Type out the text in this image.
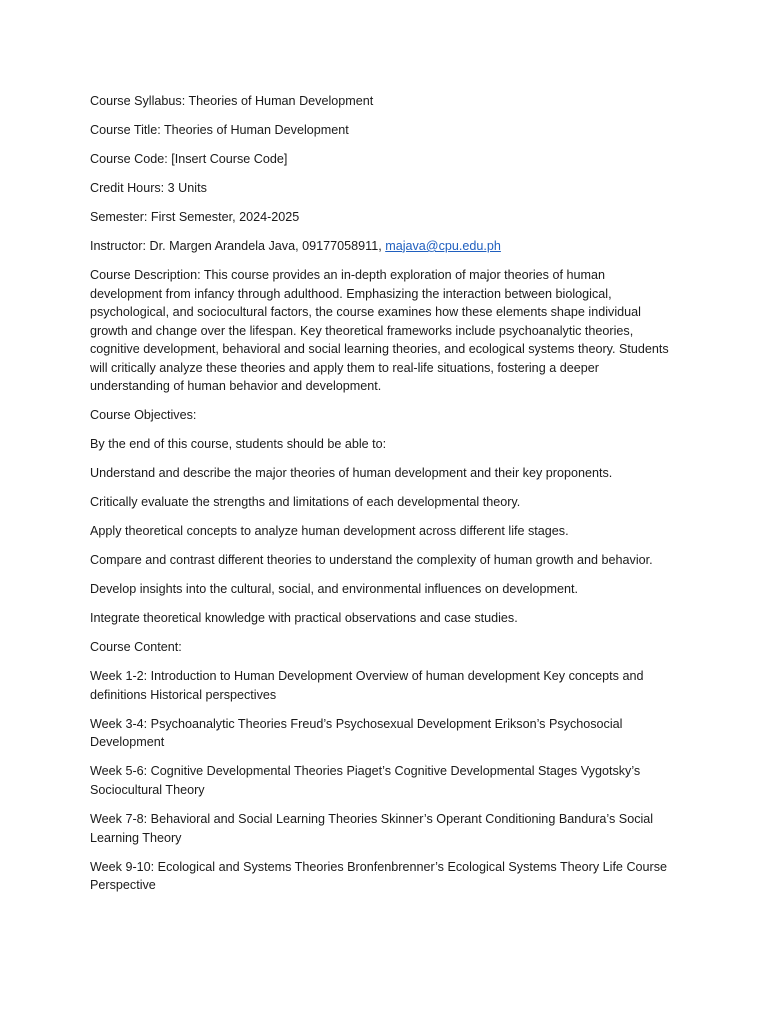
Course Syllabus: Theories of Human Development

Course Title: Theories of Human Development

Course Code: [Insert Course Code]

Credit Hours: 3 Units

Semester: First Semester, 2024-2025

Instructor: Dr. Margen Arandela Java, 09177058911, majava@cpu.edu.ph

Course Description: This course provides an in-depth exploration of major theories of human development from infancy through adulthood. Emphasizing the interaction between biological, psychological, and sociocultural factors, the course examines how these elements shape individual growth and change over the lifespan. Key theoretical frameworks include psychoanalytic theories, cognitive development, behavioral and social learning theories, and ecological systems theory. Students will critically analyze these theories and apply them to real-life situations, fostering a deeper understanding of human behavior and development.

Course Objectives:

By the end of this course, students should be able to:

Understand and describe the major theories of human development and their key proponents.

Critically evaluate the strengths and limitations of each developmental theory.

Apply theoretical concepts to analyze human development across different life stages.

Compare and contrast different theories to understand the complexity of human growth and behavior.

Develop insights into the cultural, social, and environmental influences on development.

Integrate theoretical knowledge with practical observations and case studies.

Course Content:

Week 1-2: Introduction to Human Development Overview of human development Key concepts and definitions Historical perspectives

Week 3-4: Psychoanalytic Theories Freud’s Psychosexual Development Erikson’s Psychosocial Development

Week 5-6: Cognitive Developmental Theories Piaget’s Cognitive Developmental Stages Vygotsky’s Sociocultural Theory

Week 7-8: Behavioral and Social Learning Theories Skinner’s Operant Conditioning Bandura’s Social Learning Theory

Week 9-10: Ecological and Systems Theories Bronfenbrenner’s Ecological Systems Theory Life Course Perspective
